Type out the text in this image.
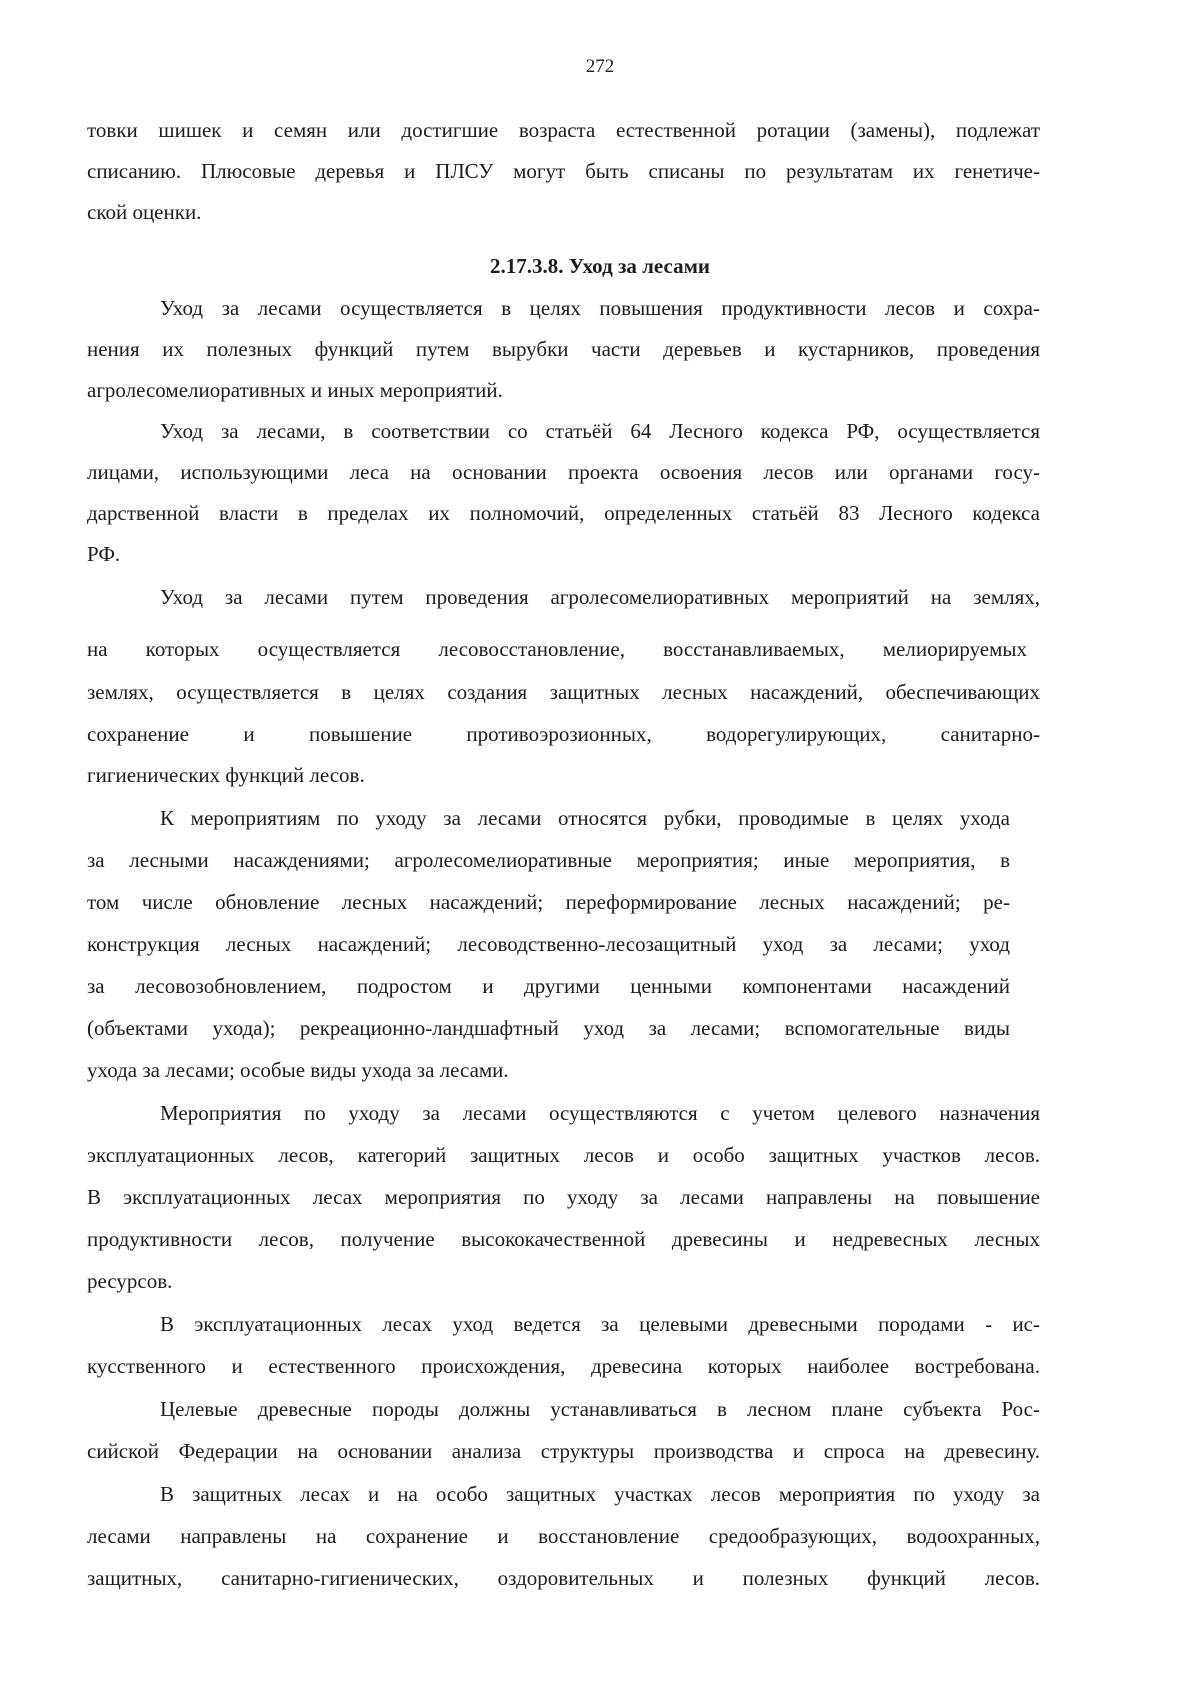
272
товки шишек и семян или достигшие возраста естественной ротации (замены), подлежат
списанию. Плюсовые деревья и ПЛСУ могут быть списаны по результатам их генетиче-
ской оценки.
2.17.3.8. Уход за лесами
Уход за лесами осуществляется в целях повышения продуктивности лесов и сохра-
нения их полезных функций путем вырубки части деревьев и кустарников, проведения
агролесомелиоративных и иных мероприятий.
Уход за лесами, в соответствии со статьёй 64 Лесного кодекса РФ, осуществляется
лицами, использующими леса на основании проекта освоения лесов или органами госу-
дарственной власти в пределах их полномочий, определенных статьёй 83 Лесного кодекса
РФ.
Уход за лесами путем проведения агролесомелиоративных мероприятий на землях,
на которых осуществляется лесовосстановление, восстанавливаемых, мелиорируемых
землях, осуществляется в целях создания защитных лесных насаждений, обеспечивающих
сохранение и повышение противоэрозионных, водорегулирующих, санитарно-
гигиенических функций лесов.
К мероприятиям по уходу за лесами относятся рубки, проводимые в целях ухода
за лесными насаждениями; агролесомелиоративные мероприятия; иные мероприятия, в
том числе обновление лесных насаждений; переформирование лесных насаждений; ре-
конструкция лесных насаждений; лесоводственно-лесозащитный уход за лесами; уход
за лесовозобновлением, подростом и другими ценными компонентами насаждений
(объектами ухода); рекреационно-ландшафтный уход за лесами; вспомогательные виды
ухода за лесами; особые виды ухода за лесами.
Мероприятия по уходу за лесами осуществляются с учетом целевого назначения
эксплуатационных лесов, категорий защитных лесов и особо защитных участков лесов.
В эксплуатационных лесах мероприятия по уходу за лесами направлены на повышение
продуктивности лесов, получение высококачественной древесины и недревесных лесных
ресурсов.
В эксплуатационных лесах уход ведется за целевыми древесными породами - ис-
кусственного и естественного происхождения, древесина которых наиболее востребована.
Целевые древесные породы должны устанавливаться в лесном плане субъекта Рос-
сийской Федерации на основании анализа структуры производства и спроса на древесину.
В защитных лесах и на особо защитных участках лесов мероприятия по уходу за
лесами направлены на сохранение и восстановление средообразующих, водоохранных,
защитных, санитарно-гигиенических, оздоровительных и полезных функций лесов.
